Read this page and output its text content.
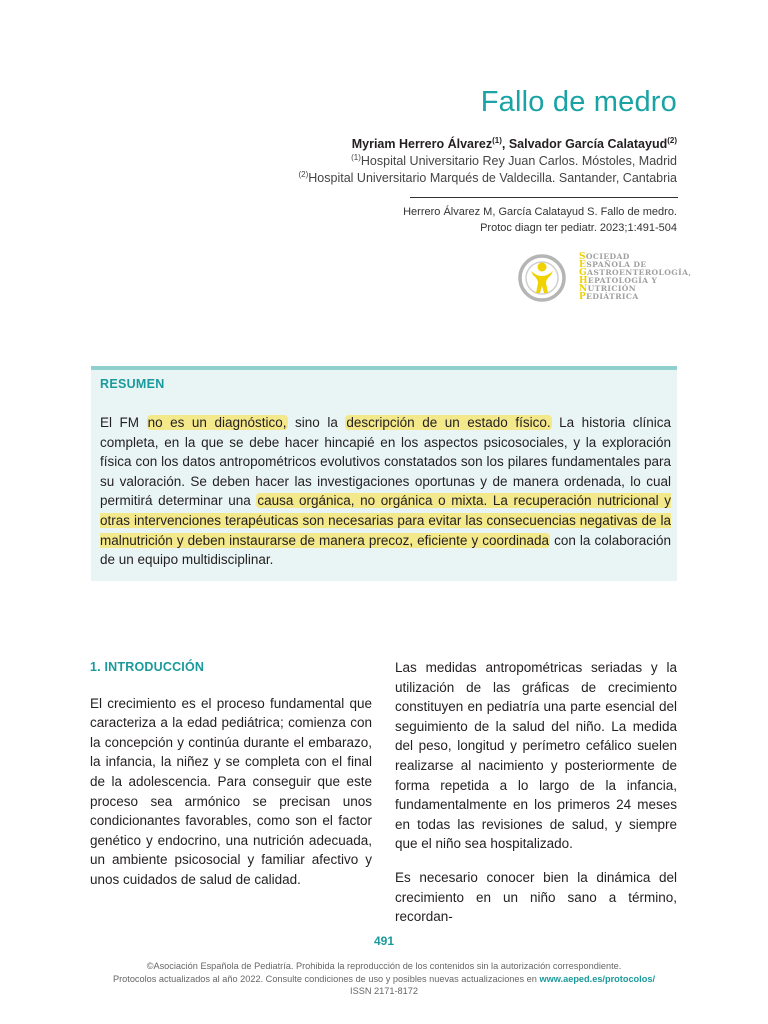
Fallo de medro
Myriam Herrero Álvarez$^{(1)}$, Salvador García Calatayud$^{(2)}$
$^{(1)}$Hospital Universitario Rey Juan Carlos. Móstoles, Madrid
$^{(2)}$Hospital Universitario Marqués de Valdecilla. Santander, Cantabria
Herrero Álvarez M, García Calatayud S. Fallo de medro.
Protoc diagn ter pediatr. 2023;1:491-504
SOCIEDAD
ESPAÑOLA DE
GASTROENTEROLOGÍA,
HEPATOLOGÍA Y
NUTRICIÓN
PEDIÁTRICA
RESUMEN
El FM no es un diagnóstico, sino la descripción de un estado físico. La historia clínica completa, en la que se debe hacer hincapié en los aspectos psicosociales, y la exploración física con los datos antropométricos evolutivos constatados son los pilares fundamentales para su valoración. Se deben hacer las investigaciones oportunas y de manera ordenada, lo cual permitirá determinar una causa orgánica, no orgánica o mixta. La recuperación nutricional y otras intervenciones terapéuticas son necesarias para evitar las consecuencias negativas de la malnutrición y deben instaurarse de manera precoz, eficiente y coordinada con la colaboración de un equipo multidisciplinar.
1. INTRODUCCIÓN

El crecimiento es el proceso fundamental que caracteriza a la edad pediátrica; comienza con la concepción y continúa durante el embarazo, la infancia, la niñez y se completa con el final de la adolescencia. Para conseguir que este proceso sea armónico se precisan unos condicionantes favorables, como son el factor genético y endocrino, una nutrición adecuada, un ambiente psicosocial y familiar afectivo y unos cuidados de salud de calidad.

Las medidas antropométricas seriadas y la utilización de las gráficas de crecimiento constituyen en pediatría una parte esencial del seguimiento de la salud del niño. La medida del peso, longitud y perímetro cefálico suelen realizarse al nacimiento y posteriormente de forma repetida a lo largo de la infancia, fundamentalmente en los primeros 24 meses en todas las revisiones de salud, y siempre que el niño sea hospitalizado.

Es necesario conocer bien la dinámica del crecimiento en un niño sano a término, recordan-

491
©Asociación Española de Pediatría. Prohibida la reproducción de los contenidos sin la autorización correspondiente.
Protocolos actualizados al año 2022. Consulte condiciones de uso y posibles nuevas actualizaciones en www.aeped.es/protocolos/
ISSN 2171-8172
